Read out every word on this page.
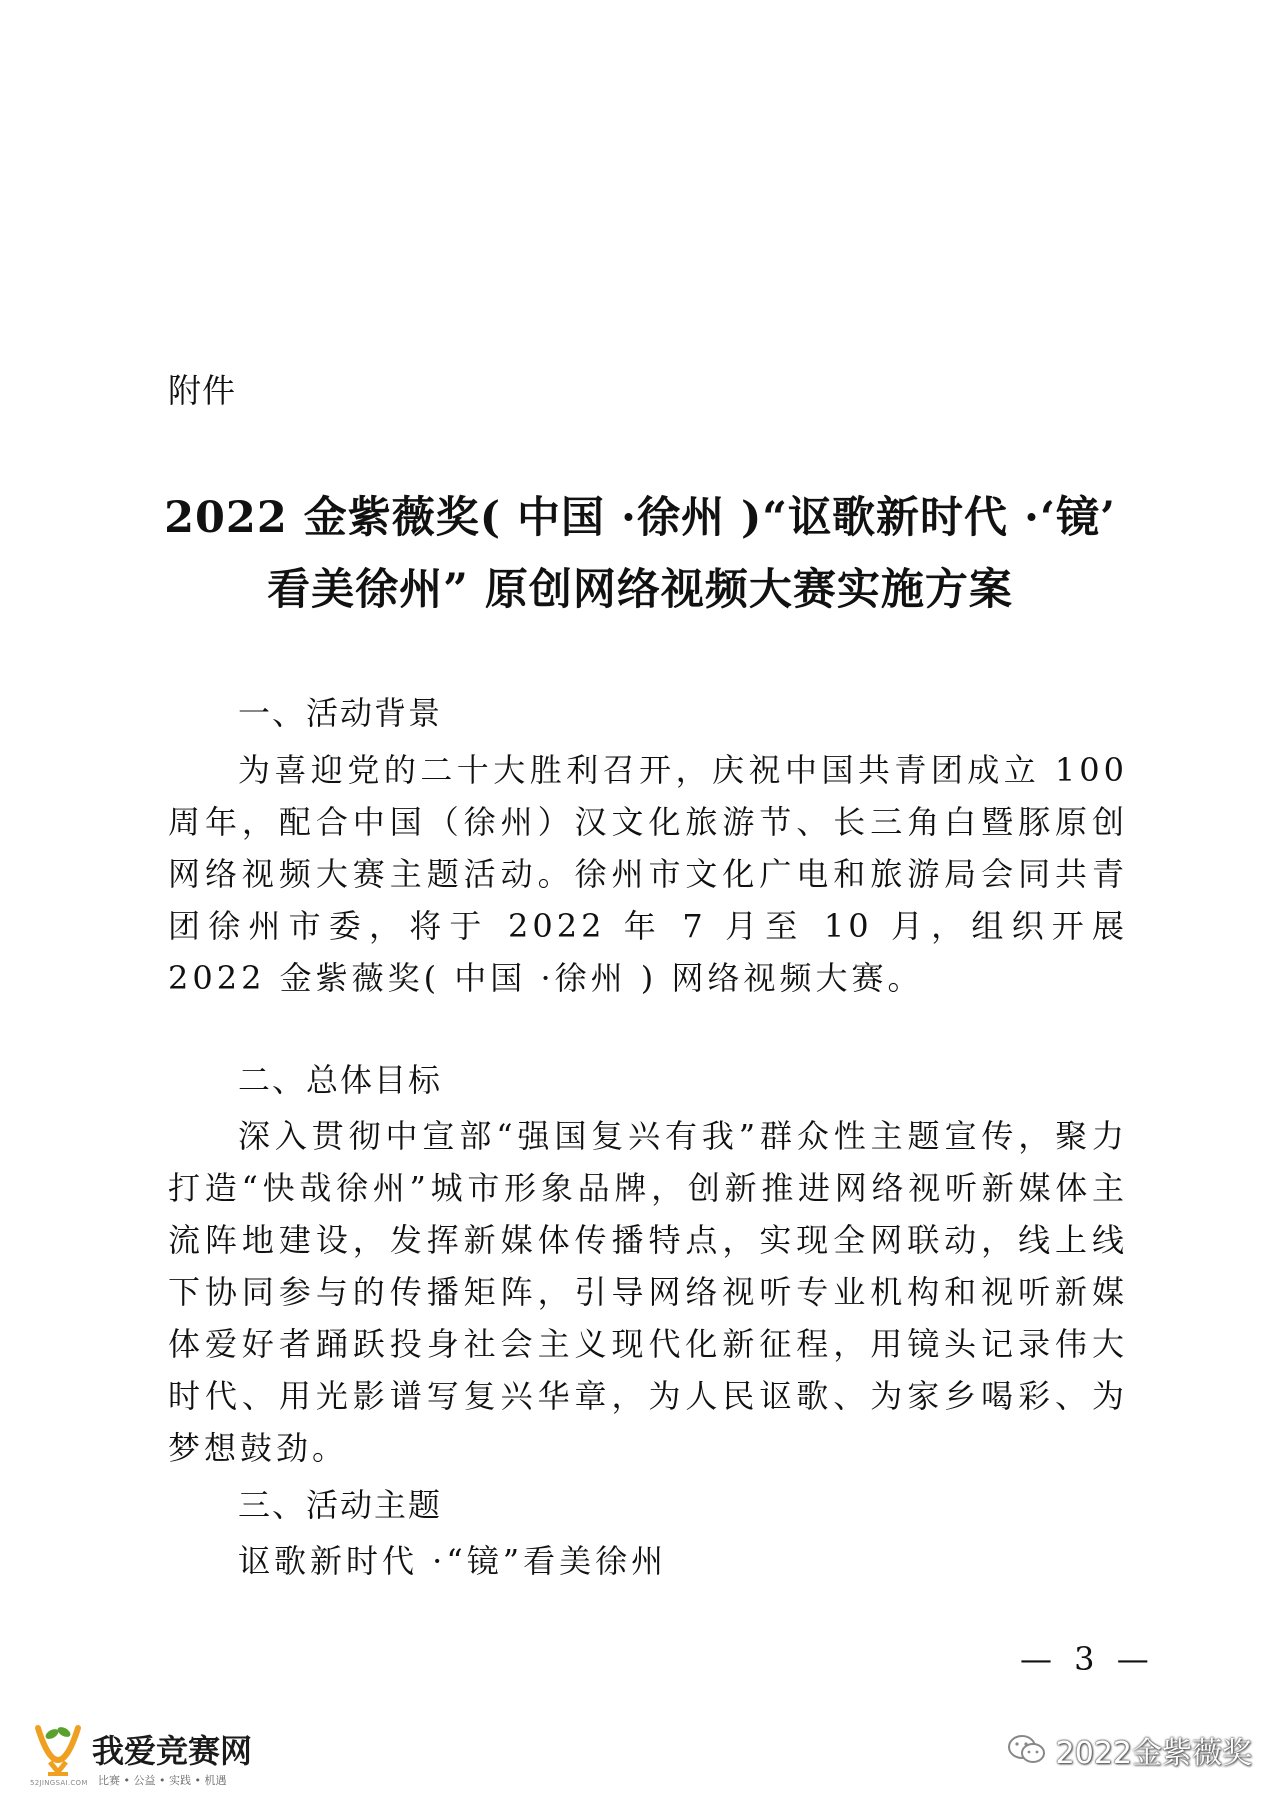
附件
2022 金紫薇奖( 中国 ·徐州 )“讴歌新时代 ·‘镜’
看美徐州” 原创网络视频大赛实施方案
一、活动背景
为喜迎党的二十大胜利召开，庆祝中国共青团成立 100 周年，配合中国（徐州）汉文化旅游节、长三角白暨豚原创网络视频大赛主题活动。徐州市文化广电和旅游局会同共青团徐州市委，将于 2022 年 7 月至 10 月，组织开展 2022 金紫薇奖( 中国 ·徐州 ) 网络视频大赛。
二、总体目标
深入贯彻中宣部“强国复兴有我”群众性主题宣传，聚力打造“快哉徐州”城市形象品牌，创新推进网络视听新媒体主流阵地建设，发挥新媒体传播特点，实现全网联动，线上线下协同参与的传播矩阵，引导网络视听专业机构和视听新媒体爱好者踊跃投身社会主义现代化新征程，用镜头记录伟大时代、用光影谱写复兴华章，为人民讴歌、为家乡喝彩、为梦想鼓劲。
三、活动主题
讴歌新时代 ·“镜”看美徐州
— 3 —
我爱竞赛网
52JINGSAI.COM 比赛 • 公益 • 实践 • 机遇
2022金紫薇奖
